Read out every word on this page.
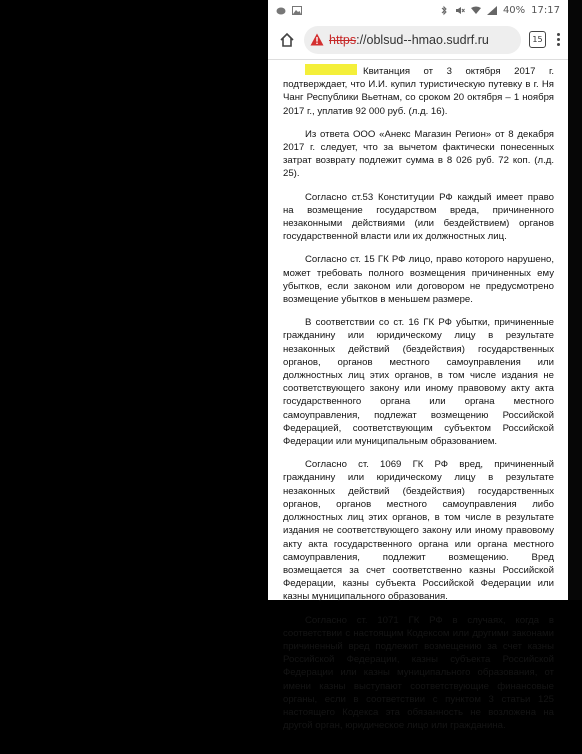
40% 17:17
https ://oblsud--hmao.sudrf.ru	15

Квитанция от 3 октября 2017 г. подтверждает, что И.И. купил туристическую путевку в г. Ня Чанг Республики Вьетнам, со сроком 20 октября – 1 ноября 2017 г., уплатив 92 000 руб. (л.д. 16).

Из ответа ООО «Анекс Магазин Регион» от 8 декабря 2017 г. следует, что за вычетом фактически понесенных затрат возврату подлежит сумма в 8 026 руб. 72 коп. (л.д. 25).

Согласно ст.53 Конституции РФ каждый имеет право на возмещение государством вреда, причиненного незаконными действиями (или бездействием) органов государственной власти или их должностных лиц.

Согласно ст. 15 ГК РФ лицо, право которого нарушено, может требовать полного возмещения причиненных ему убытков, если законом или договором не предусмотрено возмещение убытков в меньшем размере.

В соответствии со ст. 16 ГК РФ убытки, причиненные гражданину или юридическому лицу в результате незаконных действий (бездействия) государственных органов, органов местного самоуправления или должностных лиц этих органов, в том числе издания не соответствующего закону или иному правовому акту акта государственного органа или органа местного самоуправления, подлежат возмещению Российской Федерацией, соответствующим субъектом Российской Федерации или муниципальным образованием.

Согласно ст. 1069 ГК РФ вред, причиненный гражданину или юридическому лицу в результате незаконных действий (бездействия) государственных органов, органов местного самоуправления либо должностных лиц этих органов, в том числе в результате издания не соответствующего закону или иному правовому акту акта государственного органа или органа местного самоуправления, подлежит возмещению. Вред возмещается за счет соответственно казны Российской Федерации, казны субъекта Российской Федерации или казны муниципального образования.

Согласно ст. 1071 ГК РФ в случаях, когда в соответствии с настоящим Кодексом или другими законами причиненный вред подлежит возмещению за счет казны Российской Федерации, казны субъекта Российской Федерации или казны муниципального образования, от имени казны выступают соответствующие финансовые органы, если в соответствии с пунктом 3 статьи 125 настоящего Кодекса эта обязанность не возложена на другой орган, юридическое лицо или гражданина.
